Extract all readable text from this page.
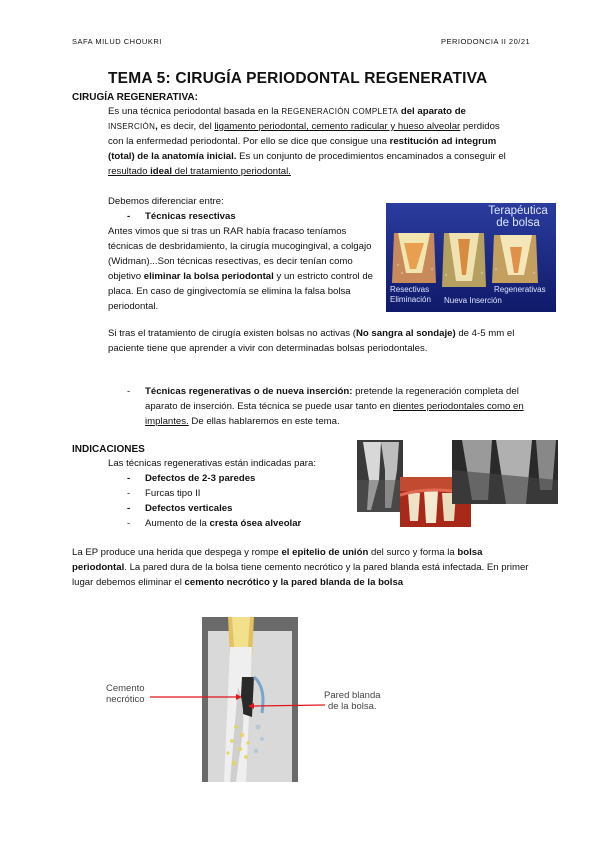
SAFA MILUD CHOUKRI	PERIODONCIA II 20/21
TEMA 5: CIRUGÍA PERIODONTAL REGENERATIVA
CIRUGÍA REGENERATIVA:
Es una técnica periodontal basada en la REGENERACIÓN COMPLETA del aparato de INSERCIÓN, es decir, del ligamento periodontal, cemento radicular y hueso alveolar perdidos con la enfermedad periodontal. Por ello se dice que consigue una restitución ad integrum (total) de la anatomía inicial. Es un conjunto de procedimientos encaminados a conseguir el resultado ideal del tratamiento periodontal.
Debemos diferenciar entre:
- Técnicas resectivas
Antes vimos que si tras un RAR había fracaso teníamos técnicas de desbridamiento, la cirugía mucogingival, a colgajo (Widman)...Son técnicas resectivas, es decir tenían como objetivo eliminar la bolsa periodontal y un estricto control de placa. En caso de gingivectomía se elimina la falsa bolsa periodontal.
Terapéutica
de bolsa
Resectivas
Eliminación Nueva Inserción
Regenerativas
Si tras el tratamiento de cirugía existen bolsas no activas (No sangra al sondaje) de 4-5 mm el paciente tiene que aprender a vivir con determinadas bolsas periodontales.
-	Técnicas regenerativas o de nueva inserción: pretende la regeneración completa del aparato de inserción. Esta técnica se puede usar tanto en dientes periodontales como en implantes. De ellas hablaremos en este tema.
INDICACIONES
Las técnicas regenerativas están indicadas para:
- Defectos de 2-3 paredes
- Furcas tipo II
- Defectos verticales
- Aumento de la cresta ósea alveolar
La EP produce una herida que despega y rompe el epitelio de unión del surco y forma la bolsa periodontal. La pared dura de la bolsa tiene cemento necrótico y la pared blanda está infectada. En primer lugar debemos eliminar el cemento necrótico y la pared blanda de la bolsa
Cemento
necrótico	Pared blanda
de la bolsa.
